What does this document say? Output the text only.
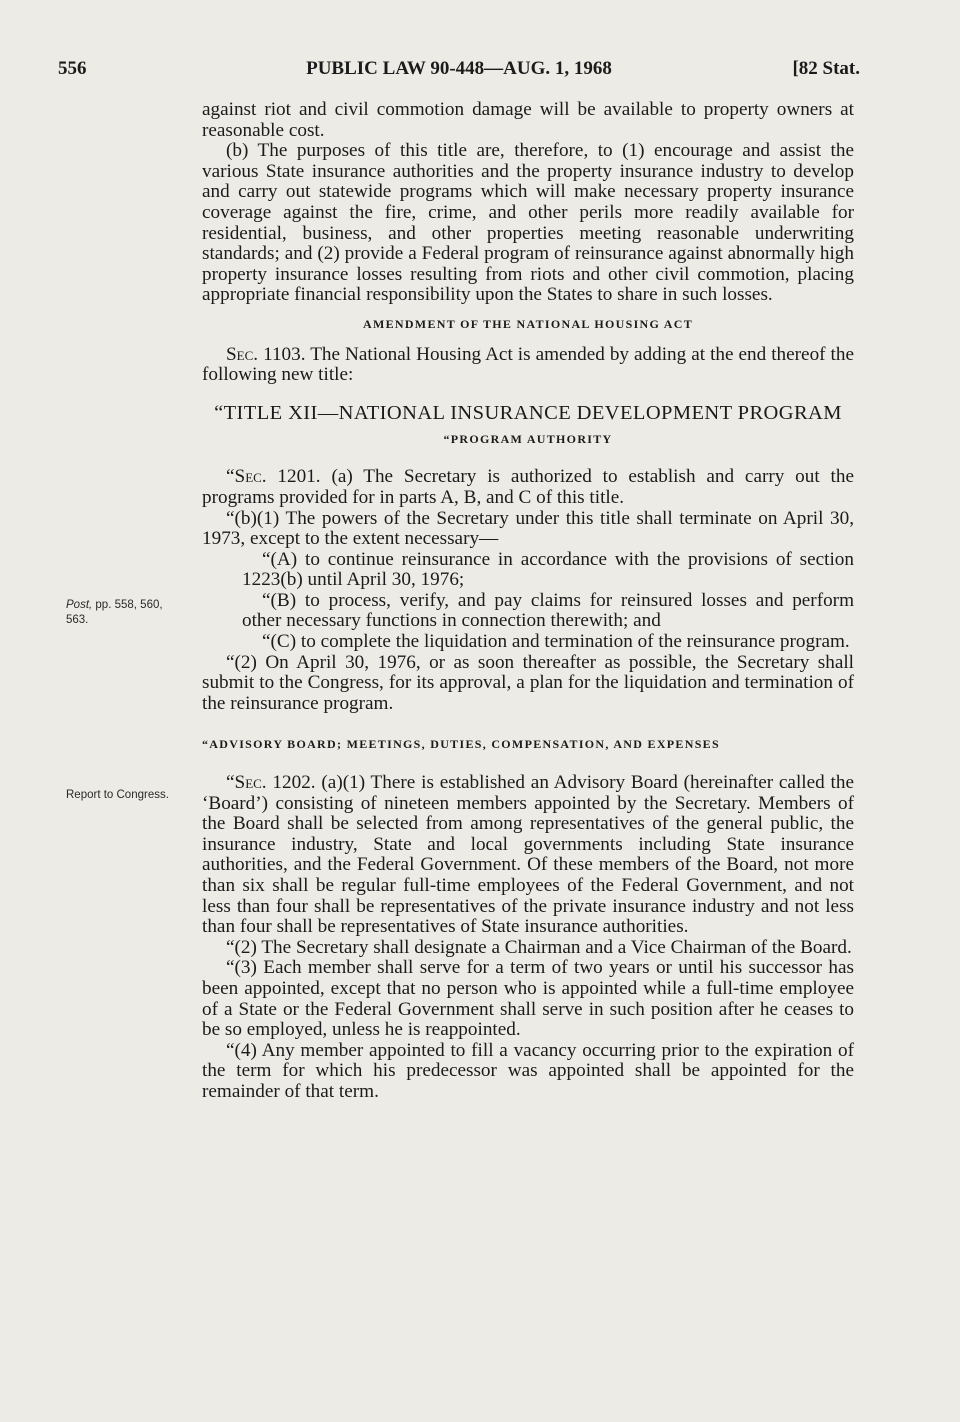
556	PUBLIC LAW 90-448—AUG. 1, 1968	[82 Stat.
Post, pp. 558, 560, 563.
Report to Congress.

against riot and civil commotion damage will be available to property owners at reasonable cost.

(b) The purposes of this title are, therefore, to (1) encourage and assist the various State insurance authorities and the property insurance industry to develop and carry out statewide programs which will make necessary property insurance coverage against the fire, crime, and other perils more readily available for residential, business, and other properties meeting reasonable underwriting standards; and (2) provide a Federal program of reinsurance against abnormally high property insurance losses resulting from riots and other civil commotion, placing appropriate financial responsibility upon the States to share in such losses.

AMENDMENT OF THE NATIONAL HOUSING ACT

Sec. 1103. The National Housing Act is amended by adding at the end thereof the following new title:

“TITLE XII—NATIONAL INSURANCE DEVELOPMENT PROGRAM

“PROGRAM AUTHORITY

“Sec. 1201. (a) The Secretary is authorized to establish and carry out the programs provided for in parts A, B, and C of this title.

“(b)(1) The powers of the Secretary under this title shall terminate on April 30, 1973, except to the extent necessary—

“(A) to continue reinsurance in accordance with the provisions of section 1223(b) until April 30, 1976;

“(B) to process, verify, and pay claims for reinsured losses and perform other necessary functions in connection therewith; and

“(C) to complete the liquidation and termination of the reinsurance program.

“(2) On April 30, 1976, or as soon thereafter as possible, the Secretary shall submit to the Congress, for its approval, a plan for the liquidation and termination of the reinsurance program.

“ADVISORY BOARD; MEETINGS, DUTIES, COMPENSATION, AND EXPENSES

“Sec. 1202. (a)(1) There is established an Advisory Board (hereinafter called the ‘Board’) consisting of nineteen members appointed by the Secretary. Members of the Board shall be selected from among representatives of the general public, the insurance industry, State and local governments including State insurance authorities, and the Federal Government. Of these members of the Board, not more than six shall be regular full-time employees of the Federal Government, and not less than four shall be representatives of the private insurance industry and not less than four shall be representatives of State insurance authorities.

“(2) The Secretary shall designate a Chairman and a Vice Chairman of the Board.

“(3) Each member shall serve for a term of two years or until his successor has been appointed, except that no person who is appointed while a full-time employee of a State or the Federal Government shall serve in such position after he ceases to be so employed, unless he is reappointed.

“(4) Any member appointed to fill a vacancy occurring prior to the expiration of the term for which his predecessor was appointed shall be appointed for the remainder of that term.
